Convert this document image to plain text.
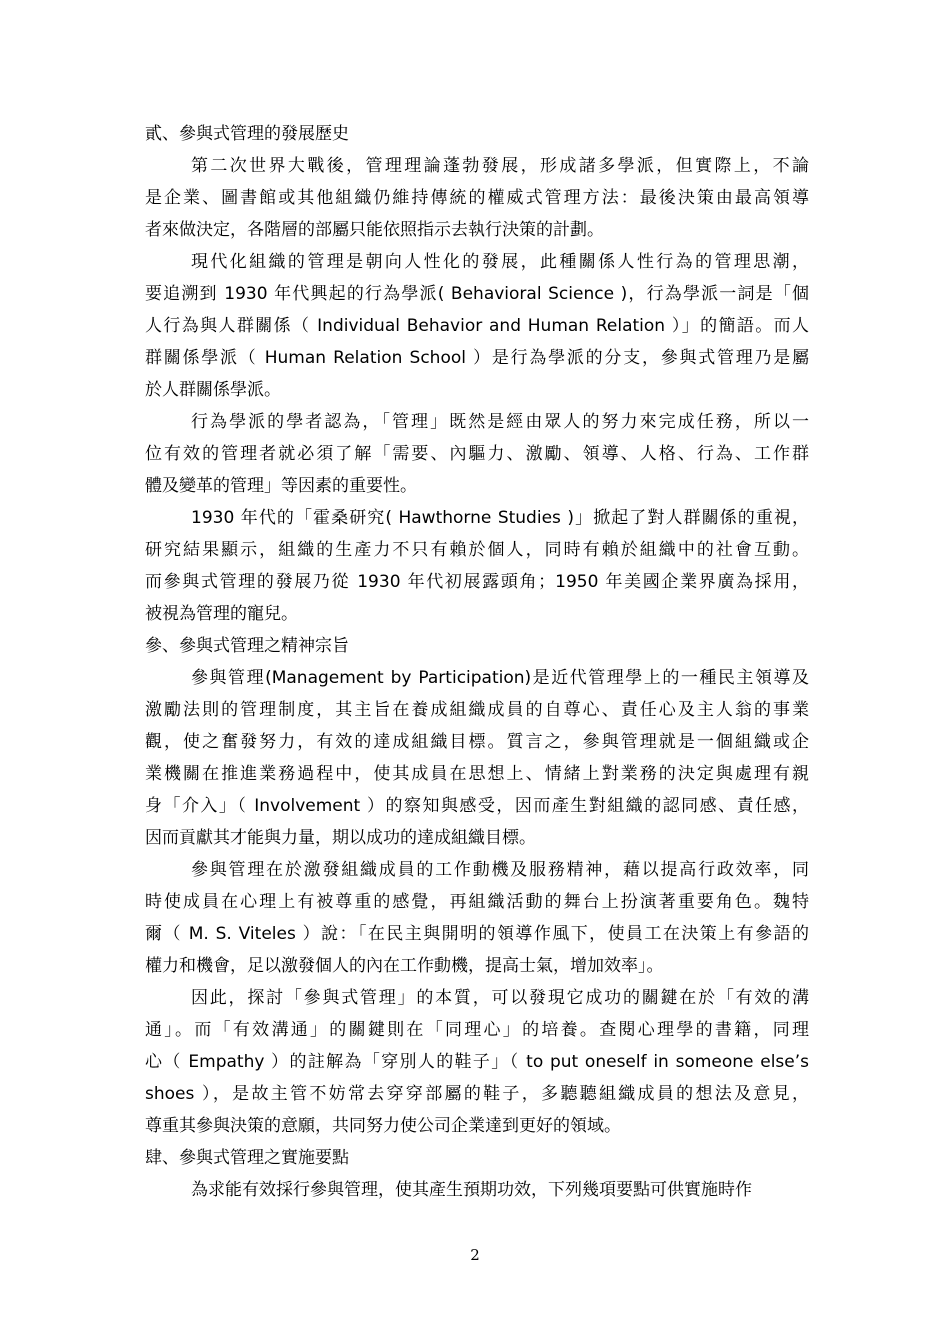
貳、參與式管理的發展歷史
第二次世界大戰後，管理理論蓬勃發展，形成諸多學派，但實際上，不論
是企業、圖書館或其他組織仍維持傳統的權威式管理方法：最後決策由最高領導
者來做決定，各階層的部屬只能依照指示去執行決策的計劃。
現代化組織的管理是朝向人性化的發展，此種關係人性行為的管理思潮，
要追溯到 1930 年代興起的行為學派( Behavioral Science )，行為學派一詞是「個
人行為與人群關係（ Individual Behavior and Human Relation ）」的簡語。而人
群關係學派（ Human Relation School ）是行為學派的分支，參與式管理乃是屬
於人群關係學派。
行為學派的學者認為，「管理」既然是經由眾人的努力來完成任務，所以一
位有效的管理者就必須了解「需要、內驅力、激勵、領導、人格、行為、工作群
體及變革的管理」等因素的重要性。
1930 年代的「霍桑研究( Hawthorne Studies )」掀起了對人群關係的重視，
研究結果顯示，組織的生產力不只有賴於個人，同時有賴於組織中的社會互動。
而參與式管理的發展乃從 1930 年代初展露頭角；1950 年美國企業界廣為採用，
被視為管理的寵兒。
參、參與式管理之精神宗旨
參與管理(Management by Participation)是近代管理學上的一種民主領導及
激勵法則的管理制度，其主旨在養成組織成員的自尊心、責任心及主人翁的事業
觀，使之奮發努力，有效的達成組織目標。質言之，參與管理就是一個組織或企
業機關在推進業務過程中，使其成員在思想上、情緒上對業務的決定與處理有親
身「介入」（ Involvement ）的察知與感受，因而產生對組織的認同感、責任感，
因而貢獻其才能與力量，期以成功的達成組織目標。
參與管理在於激發組織成員的工作動機及服務精神，藉以提高行政效率，同
時使成員在心理上有被尊重的感覺，再組織活動的舞台上扮演著重要角色。魏特
爾（ M. S. Viteles ）說：「在民主與開明的領導作風下，使員工在決策上有參語的
權力和機會，足以激發個人的內在工作動機，提高士氣，增加效率」。
因此，探討「參與式管理」的本質，可以發現它成功的關鍵在於「有效的溝
通」。而「有效溝通」的關鍵則在「同理心」的培養。查閱心理學的書籍，同理
心（ Empathy ）的註解為「穿別人的鞋子」（ to put oneself in someone else’s
shoes ），是故主管不妨常去穿穿部屬的鞋子，多聽聽組織成員的想法及意見，
尊重其參與決策的意願，共同努力使公司企業達到更好的領域。
肆、參與式管理之實施要點
為求能有效採行參與管理，使其產生預期功效，下列幾項要點可供實施時作
2
